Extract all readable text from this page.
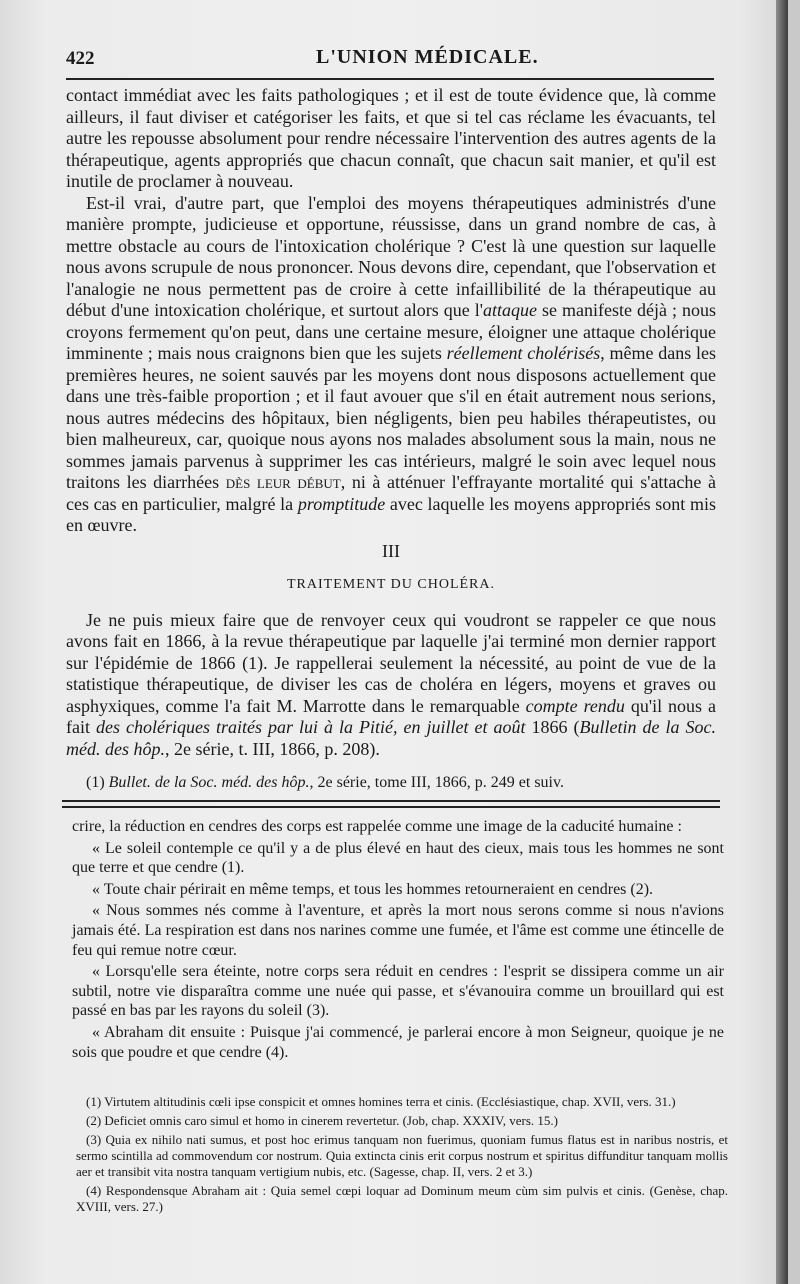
422	L'UNION MÉDICALE.

contact immédiat avec les faits pathologiques ; et il est de toute évidence que, là comme ailleurs, il faut diviser et catégoriser les faits, et que si tel cas réclame les évacuants, tel autre les repousse absolument pour rendre nécessaire l'intervention des autres agents de la thérapeutique, agents appropriés que chacun connaît, que chacun sait manier, et qu'il est inutile de proclamer à nouveau.

Est-il vrai, d'autre part, que l'emploi des moyens thérapeutiques administrés d'une manière prompte, judicieuse et opportune, réussisse, dans un grand nombre de cas, à mettre obstacle au cours de l'intoxication cholérique ? C'est là une question sur laquelle nous avons scrupule de nous prononcer. Nous devons dire, cependant, que l'observation et l'analogie ne nous permettent pas de croire à cette infaillibilité de la thérapeutique au début d'une intoxication cholérique, et surtout alors que l'attaque se manifeste déjà ; nous croyons fermement qu'on peut, dans une certaine mesure, éloigner une attaque cholérique imminente ; mais nous craignons bien que les sujets réellement cholérisés, même dans les premières heures, ne soient sauvés par les moyens dont nous disposons actuellement que dans une très-faible proportion ; et il faut avouer que s'il en était autrement nous serions, nous autres médecins des hôpitaux, bien négligents, bien peu habiles thérapeutistes, ou bien malheureux, car, quoique nous ayons nos malades absolument sous la main, nous ne sommes jamais parvenus à supprimer les cas intérieurs, malgré le soin avec lequel nous traitons les diarrhées dès leur début, ni à atténuer l'effrayante mortalité qui s'attache à ces cas en particulier, malgré la promptitude avec laquelle les moyens appropriés sont mis en œuvre.

III

TRAITEMENT DU CHOLÉRA.

Je ne puis mieux faire que de renvoyer ceux qui voudront se rappeler ce que nous avons fait en 1866, à la revue thérapeutique par laquelle j'ai terminé mon dernier rapport sur l'épidémie de 1866 (1). Je rappellerai seulement la nécessité, au point de vue de la statistique thérapeutique, de diviser les cas de choléra en légers, moyens et graves ou asphyxiques, comme l'a fait M. Marrotte dans le remarquable compte rendu qu'il nous a fait des cholériques traités par lui à la Pitié, en juillet et août 1866 (Bulletin de la Soc. méd. des hôp., 2e série, t. III, 1866, p. 208).

(1) Bullet. de la Soc. méd. des hôp., 2e série, tome III, 1866, p. 249 et suiv.

crire, la réduction en cendres des corps est rappelée comme une image de la caducité humaine :

« Le soleil contemple ce qu'il y a de plus élevé en haut des cieux, mais tous les hommes ne sont que terre et que cendre (1).

« Toute chair périrait en même temps, et tous les hommes retourneraient en cendres (2).

« Nous sommes nés comme à l'aventure, et après la mort nous serons comme si nous n'avions jamais été. La respiration est dans nos narines comme une fumée, et l'âme est comme une étincelle de feu qui remue notre cœur.

« Lorsqu'elle sera éteinte, notre corps sera réduit en cendres : l'esprit se dissipera comme un air subtil, notre vie disparaîtra comme une nuée qui passe, et s'évanouira comme un brouillard qui est passé en bas par les rayons du soleil (3).

« Abraham dit ensuite : Puisque j'ai commencé, je parlerai encore à mon Seigneur, quoique je ne sois que poudre et que cendre (4).

(1) Virtutem altitudinis cœli ipse conspicit et omnes homines terra et cinis. (Ecclésiastique, chap. XVII, vers. 31.)

(2) Deficiet omnis caro simul et homo in cinerem revertetur. (Job, chap. XXXIV, vers. 15.)

(3) Quia ex nihilo nati sumus, et post hoc erimus tanquam non fuerimus, quoniam fumus flatus est in naribus nostris, et sermo scintilla ad commovendum cor nostrum. Quia extincta cinis erit corpus nostrum et spiritus diffunditur tanquam mollis aer et transibit vita nostra tanquam vertigium nubis, etc. (Sagesse, chap. II, vers. 2 et 3.)

(4) Respondensque Abraham ait : Quia semel cœpi loquar ad Dominum meum cùm sim pulvis et cinis. (Genèse, chap. XVIII, vers. 27.)
